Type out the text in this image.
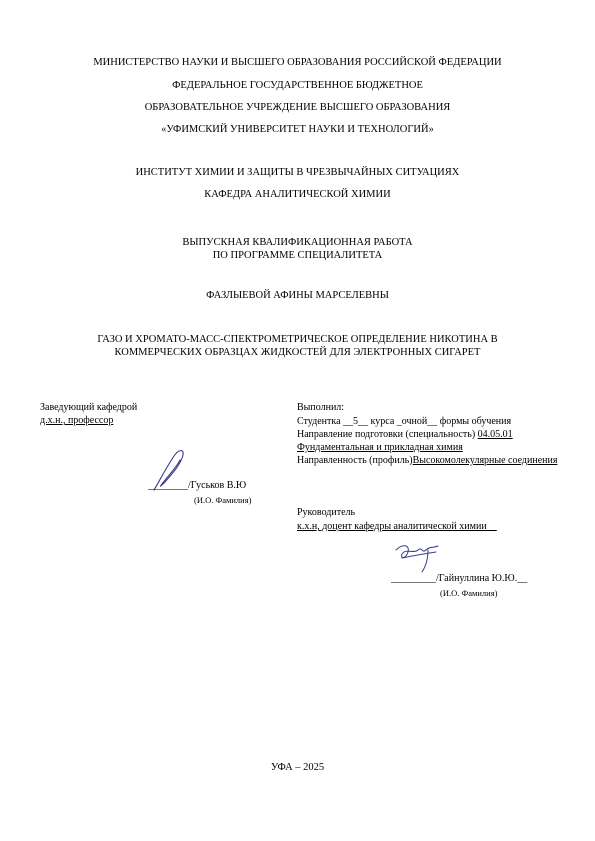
МИНИСТЕРСТВО НАУКИ И ВЫСШЕГО ОБРАЗОВАНИЯ РОССИЙСКОЙ ФЕДЕРАЦИИ
ФЕДЕРАЛЬНОЕ ГОСУДАРСТВЕННОЕ БЮДЖЕТНОЕ
ОБРАЗОВАТЕЛЬНОЕ УЧРЕЖДЕНИЕ ВЫСШЕГО ОБРАЗОВАНИЯ
«УФИМСКИЙ УНИВЕРСИТЕТ НАУКИ И ТЕХНОЛОГИЙ»
ИНСТИТУТ ХИМИИ И ЗАЩИТЫ В ЧРЕЗВЫЧАЙНЫХ СИТУАЦИЯХ
КАФЕДРА АНАЛИТИЧЕСКОЙ ХИМИИ
ВЫПУСКНАЯ КВАЛИФИКАЦИОННАЯ РАБОТА
ПО ПРОГРАММЕ СПЕЦИАЛИТЕТА
ФАЗЛЫЕВОЙ АФИНЫ МАРСЕЛЕВНЫ
ГАЗО И ХРОМАТО-МАСС-СПЕКТРОМЕТРИЧЕСКОЕ ОПРЕДЕЛЕНИЕ НИКОТИНА В
КОММЕРЧЕСКИХ ОБРАЗЦАХ ЖИДКОСТЕЙ ДЛЯ ЭЛЕКТРОННЫХ СИГАРЕТ
Заведующий кафедрой
д.х.н., профессор
________/Гуськов В.Ю
(И.О. Фамилия)
Выполнил:
Студентка __5__ курса _очной__ формы обучения
Направление подготовки (специальность) 04.05.01
Фундаментальная и прикладная химия
Направленность (профиль)Высокомолекулярные соединения
Руководитель
к.х.н, доцент кафедры аналитической химии__
_________/Гайнуллина Ю.Ю.__
(И.О. Фамилия)
УФА – 2025
